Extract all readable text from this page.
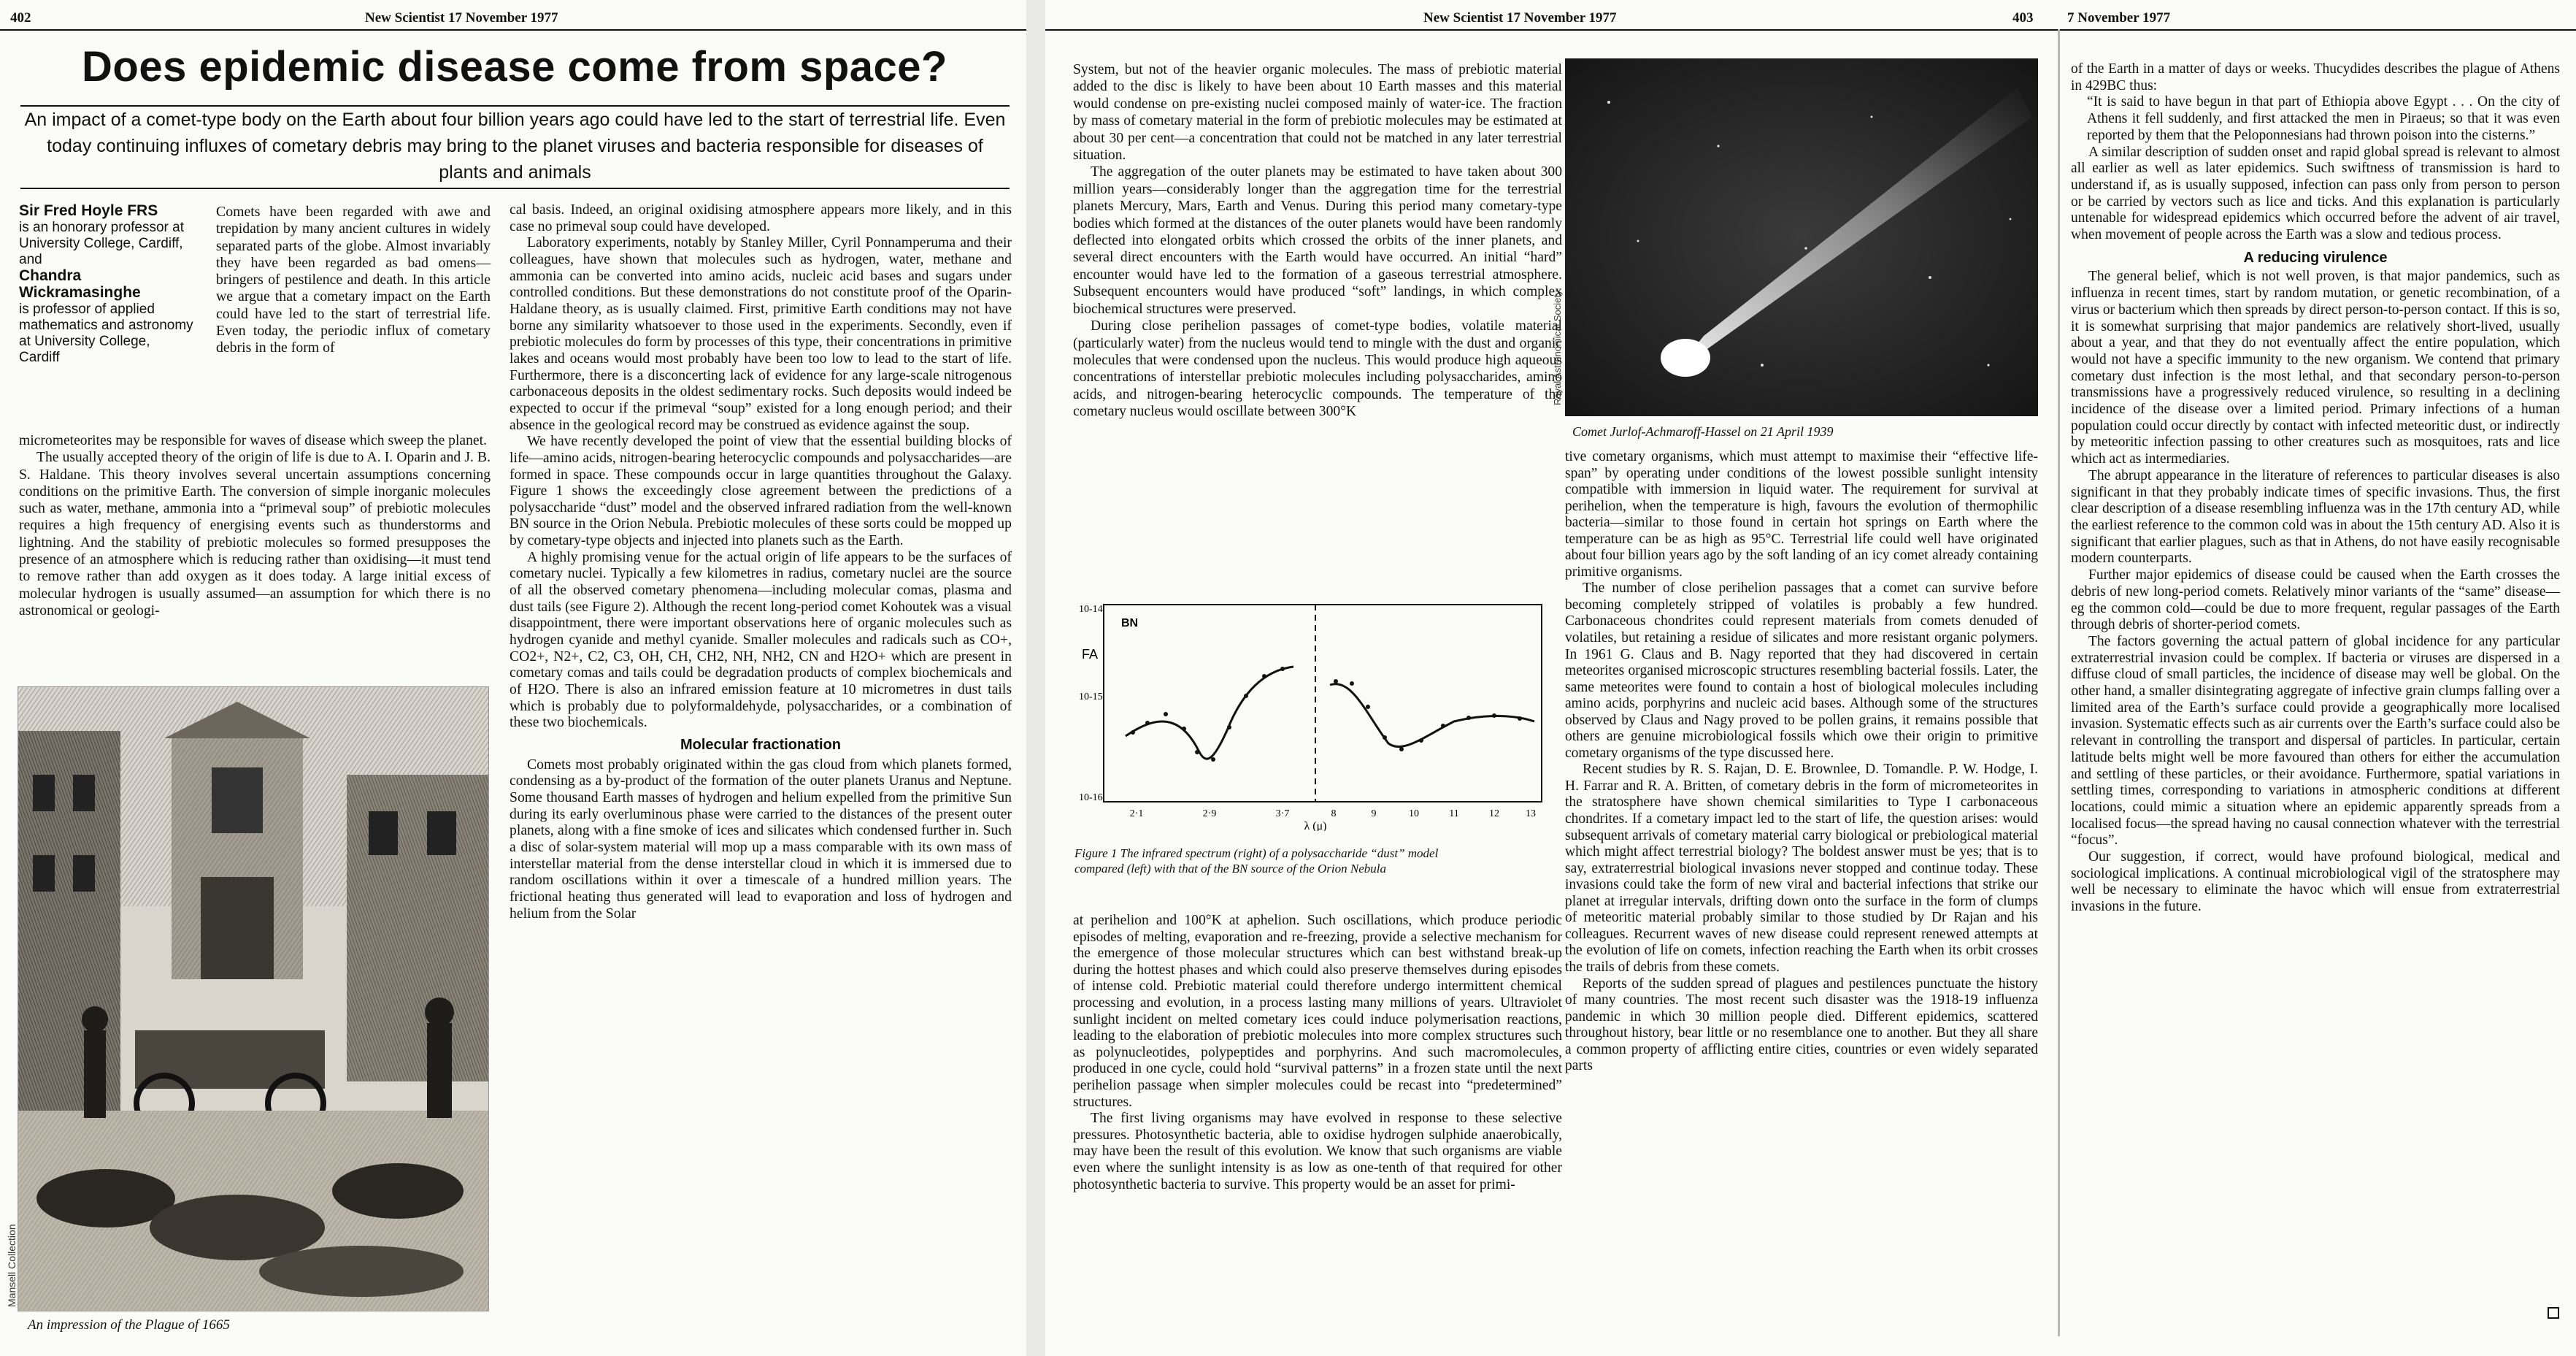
402	New Scientist 17 November 1977
Does epidemic disease come from space?
An impact of a comet-type body on the Earth about four billion years ago could have led to the start of terrestrial life. Even today continuing influxes of cometary debris may bring to the planet viruses and bacteria responsible for diseases of plants and animals
Sir Fred Hoyle FRS
is an honorary professor at University College, Cardiff, and
Chandra Wickramasinghe
is professor of applied mathematics and astronomy at University College, Cardiff

Comets have been regarded with awe and trepidation by many ancient cultures in widely separated parts of the globe. Almost invariably they have been regarded as bad omens—bringers of pestilence and death. In this article we argue that a cometary impact on the Earth could have led to the start of terrestrial life. Even today, the periodic influx of cometary debris in the form of

micrometeorites may be responsible for waves of disease which sweep the planet.

The usually accepted theory of the origin of life is due to A. I. Oparin and J. B. S. Haldane. This theory involves several uncertain assumptions concerning conditions on the primitive Earth. The conversion of simple inorganic molecules such as water, methane, ammonia into a “primeval soup” of prebiotic molecules requires a high frequency of energising events such as thunderstorms and lightning. And the stability of prebiotic molecules so formed presupposes the presence of an atmosphere which is reducing rather than oxidising—it must tend to remove rather than add oxygen as it does today. A large initial excess of molecular hydrogen is usually assumed—an assumption for which there is no astronomical or geologi-

Mansell Collection
An impression of the Plague of 1665

cal basis. Indeed, an original oxidising atmosphere appears more likely, and in this case no primeval soup could have developed.

Laboratory experiments, notably by Stanley Miller, Cyril Ponnamperuma and their colleagues, have shown that molecules such as hydrogen, water, methane and ammonia can be converted into amino acids, nucleic acid bases and sugars under controlled conditions. But these demonstrations do not constitute proof of the Oparin-Haldane theory, as is usually claimed. First, primitive Earth conditions may not have borne any similarity whatsoever to those used in the experiments. Secondly, even if prebiotic molecules do form by processes of this type, their concentrations in primitive lakes and oceans would most probably have been too low to lead to the start of life. Furthermore, there is a disconcerting lack of evidence for any large-scale nitrogenous carbonaceous deposits in the oldest sedimentary rocks. Such deposits would indeed be expected to occur if the primeval “soup” existed for a long enough period; and their absence in the geological record may be construed as evidence against the soup.

We have recently developed the point of view that the essential building blocks of life—amino acids, nitrogen-bearing heterocyclic compounds and polysaccharides—are formed in space. These compounds occur in large quantities throughout the Galaxy. Figure 1 shows the exceedingly close agreement between the predictions of a polysaccharide “dust” model and the observed infrared radiation from the well-known BN source in the Orion Nebula. Prebiotic molecules of these sorts could be mopped up by cometary-type objects and injected into planets such as the Earth.

A highly promising venue for the actual origin of life appears to be the surfaces of cometary nuclei. Typically a few kilometres in radius, cometary nuclei are the source of all the observed cometary phenomena—including molecular comas, plasma and dust tails (see Figure 2). Although the recent long-period comet Kohoutek was a visual disappointment, there were important observations here of organic molecules such as hydrogen cyanide and methyl cyanide. Smaller molecules and radicals such as CO+, CO2+, N2+, C2, C3, OH, CH, CH2, NH, NH2, CN and H2O+ which are present in cometary comas and tails could be degradation products of complex biochemicals and of H2O. There is also an infrared emission feature at 10 micrometres in dust tails which is probably due to polyformaldehyde, polysaccharides, or a combination of these two biochemicals.

Molecular fractionation

Comets most probably originated within the gas cloud from which planets formed, condensing as a by-product of the formation of the outer planets Uranus and Neptune. Some thousand Earth masses of hydrogen and helium expelled from the primitive Sun during its early overluminous phase were carried to the distances of the present outer planets, along with a fine smoke of ices and silicates which condensed further in. Such a disc of solar-system material will mop up a mass comparable with its own mass of interstellar material from the dense interstellar cloud in which it is immersed due to random oscillations within it over a timescale of a hundred million years. The frictional heating thus generated will lead to evaporation and loss of hydrogen and helium from the Solar

New Scientist 17 November 1977	403 7 November 1977

System, but not of the heavier organic molecules. The mass of prebiotic material added to the disc is likely to have been about 10 Earth masses and this material would condense on pre-existing nuclei composed mainly of water-ice. The fraction by mass of cometary material in the form of prebiotic molecules may be estimated at about 30 per cent—a concentration that could not be matched in any later terrestrial situation.

The aggregation of the outer planets may be estimated to have taken about 300 million years—considerably longer than the aggregation time for the terrestrial planets Mercury, Mars, Earth and Venus. During this period many cometary-type bodies which formed at the distances of the outer planets would have been randomly deflected into elongated orbits which crossed the orbits of the inner planets, and several direct encounters with the Earth would have occurred. An initial “hard” encounter would have led to the formation of a gaseous terrestrial atmosphere. Subsequent encounters would have produced “soft” landings, in which complex biochemical structures were preserved.

During close perihelion passages of comet-type bodies, volatile material (particularly water) from the nucleus would tend to mingle with the dust and organic molecules that were condensed upon the nucleus. This would produce high aqueous concentrations of interstellar prebiotic molecules including polysaccharides, amino acids, and nitrogen-bearing heterocyclic compounds. The temperature of the cometary nucleus would oscillate between 300°K

10-14
10-15
10-16
FA
BN
2·1	2·9	3·7	8	9	10	11	12	13
λ (μ)
Figure 1 The infrared spectrum (right) of a polysaccharide “dust” model compared (left) with that of the BN source of the Orion Nebula

at perihelion and 100°K at aphelion. Such oscillations, which produce periodic episodes of melting, evaporation and re-freezing, provide a selective mechanism for the emergence of those molecular structures which can best withstand break-up during the hottest phases and which could also preserve themselves during episodes of intense cold. Prebiotic material could therefore undergo intermittent chemical processing and evolution, in a process lasting many millions of years. Ultraviolet sunlight incident on melted cometary ices could induce polymerisation reactions, leading to the elaboration of prebiotic molecules into more complex structures such as polynucleotides, polypeptides and porphyrins. And such macromolecules, produced in one cycle, could hold “survival patterns” in a frozen state until the next perihelion passage when simpler molecules could be recast into “predetermined” structures.

The first living organisms may have evolved in response to these selective pressures. Photosynthetic bacteria, able to oxidise hydrogen sulphide anaerobically, may have been the result of this evolution. We know that such organisms are viable even where the sunlight intensity is as low as one-tenth of that required for other photosynthetic bacteria to survive. This property would be an asset for primi-

Royal Astronomical Society
Comet Jurlof-Achmaroff-Hassel on 21 April 1939

tive cometary organisms, which must attempt to maximise their “effective life-span” by operating under conditions of the lowest possible sunlight intensity compatible with immersion in liquid water. The requirement for survival at perihelion, when the temperature is high, favours the evolution of thermophilic bacteria—similar to those found in certain hot springs on Earth where the temperature can be as high as 95°C. Terrestrial life could well have originated about four billion years ago by the soft landing of an icy comet already containing primitive organisms.

The number of close perihelion passages that a comet can survive before becoming completely stripped of volatiles is probably a few hundred. Carbonaceous chondrites could represent materials from comets denuded of volatiles, but retaining a residue of silicates and more resistant organic polymers. In 1961 G. Claus and B. Nagy reported that they had discovered in certain meteorites organised microscopic structures resembling bacterial fossils. Later, the same meteorites were found to contain a host of biological molecules including amino acids, porphyrins and nucleic acid bases. Although some of the structures observed by Claus and Nagy proved to be pollen grains, it remains possible that others are genuine microbiological fossils which owe their origin to primitive cometary organisms of the type discussed here.

Recent studies by R. S. Rajan, D. E. Brownlee, D. Tomandle. P. W. Hodge, I. H. Farrar and R. A. Britten, of cometary debris in the form of micrometeorites in the stratosphere have shown chemical similarities to Type I carbonaceous chondrites. If a cometary impact led to the start of life, the question arises: would subsequent arrivals of cometary material carry biological or prebiological material which might affect terrestrial biology? The boldest answer must be yes; that is to say, extraterrestrial biological invasions never stopped and continue today. These invasions could take the form of new viral and bacterial infections that strike our planet at irregular intervals, drifting down onto the surface in the form of clumps of meteoritic material probably similar to those studied by Dr Rajan and his colleagues. Recurrent waves of new disease could represent renewed attempts at the evolution of life on comets, infection reaching the Earth when its orbit crosses the trails of debris from these comets.

Reports of the sudden spread of plagues and pestilences punctuate the history of many countries. The most recent such disaster was the 1918-19 influenza pandemic in which 30 million people died. Different epidemics, scattered throughout history, bear little or no resemblance one to another. But they all share a common property of afflicting entire cities, countries or even widely separated parts

of the Earth in a matter of days or weeks. Thucydides describes the plague of Athens in 429BC thus:

“It is said to have begun in that part of Ethiopia above Egypt . . . On the city of Athens it fell suddenly, and first attacked the men in Piraeus; so that it was even reported by them that the Peloponnesians had thrown poison into the cisterns.”

A similar description of sudden onset and rapid global spread is relevant to almost all earlier as well as later epidemics. Such swiftness of transmission is hard to understand if, as is usually supposed, infection can pass only from person to person or be carried by vectors such as lice and ticks. And this explanation is particularly untenable for widespread epidemics which occurred before the advent of air travel, when movement of people across the Earth was a slow and tedious process.

A reducing virulence

The general belief, which is not well proven, is that major pandemics, such as influenza in recent times, start by random mutation, or genetic recombination, of a virus or bacterium which then spreads by direct person-to-person contact. If this is so, it is somewhat surprising that major pandemics are relatively short-lived, usually about a year, and that they do not eventually affect the entire population, which would not have a specific immunity to the new organism. We contend that primary cometary dust infection is the most lethal, and that secondary person-to-person transmissions have a progressively reduced virulence, so resulting in a declining incidence of the disease over a limited period. Primary infections of a human population could occur directly by contact with infected meteoritic dust, or indirectly by meteoritic infection passing to other creatures such as mosquitoes, rats and lice which act as intermediaries.

The abrupt appearance in the literature of references to particular diseases is also significant in that they probably indicate times of specific invasions. Thus, the first clear description of a disease resembling influenza was in the 17th century AD, while the earliest reference to the common cold was in about the 15th century AD. Also it is significant that earlier plagues, such as that in Athens, do not have easily recognisable modern counterparts.

Further major epidemics of disease could be caused when the Earth crosses the debris of new long-period comets. Relatively minor variants of the “same” disease—eg the common cold—could be due to more frequent, regular passages of the Earth through debris of shorter-period comets.

The factors governing the actual pattern of global incidence for any particular extraterrestrial invasion could be complex. If bacteria or viruses are dispersed in a diffuse cloud of small particles, the incidence of disease may well be global. On the other hand, a smaller disintegrating aggregate of infective grain clumps falling over a limited area of the Earth’s surface could provide a geographically more localised invasion. Systematic effects such as air currents over the Earth’s surface could also be relevant in controlling the transport and dispersal of particles. In particular, certain latitude belts might well be more favoured than others for either the accumulation and settling of these particles, or their avoidance. Furthermore, spatial variations in settling times, corresponding to variations in atmospheric conditions at different locations, could mimic a situation where an epidemic apparently spreads from a localised focus—the spread having no causal connection whatever with the terrestrial “focus”.

Our suggestion, if correct, would have profound biological, medical and sociological implications. A continual microbiological vigil of the stratosphere may well be necessary to eliminate the havoc which will ensue from extraterrestrial invasions in the future.
